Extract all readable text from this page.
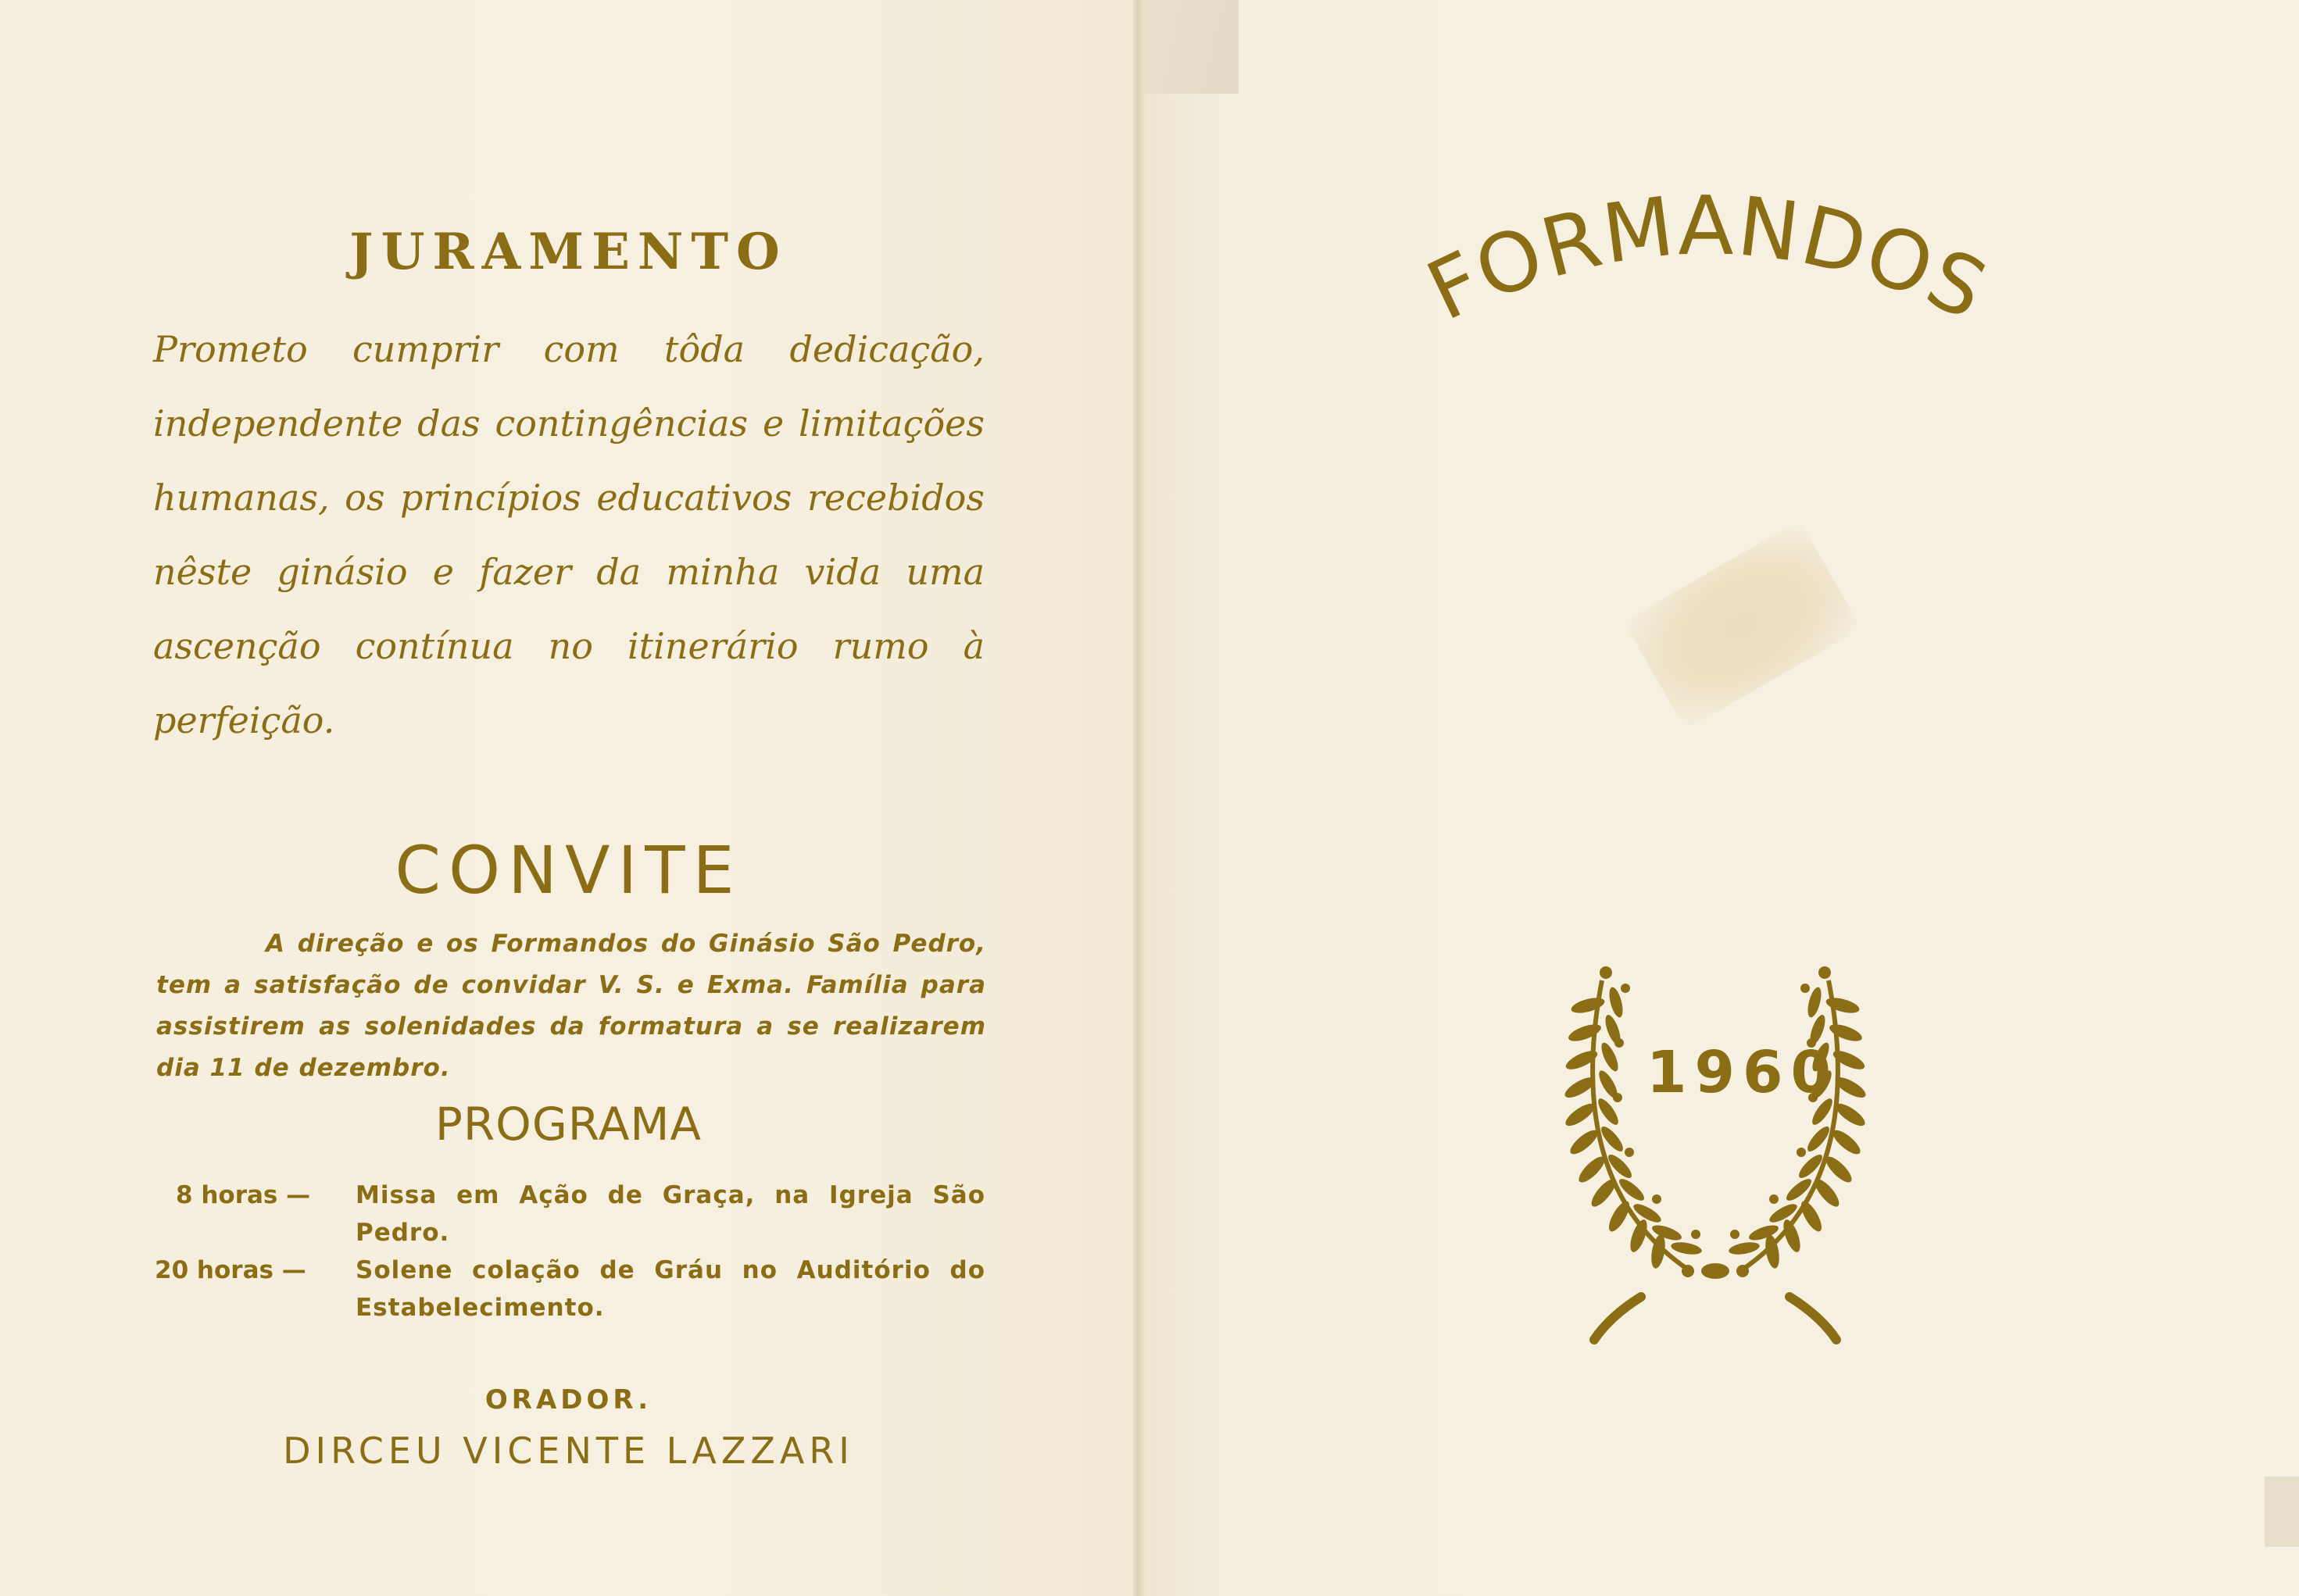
JURAMENTO
Prometo cumprir com tôda dedicação,
independente das contingências e limitações
humanas, os princípios educativos recebidos
nêste ginásio e fazer da minha vida uma
ascenção contínua no itinerário rumo à
perfeição.
CONVITE
A direção e os Formandos do Ginásio São Pedro,
tem a satisfação de convidar V. S. e Exma. Família para
assistirem as solenidades da formatura a se realizarem
dia 11 de dezembro.
PROGRAMA
8 horas — Missa em Ação de Graça, na Igreja São
Pedro.
20 horas — Solene colação de Gráu no Auditório do
Estabelecimento.
ORADOR.
DIRCEU VICENTE LAZZARI
FORMANDOS
1960
